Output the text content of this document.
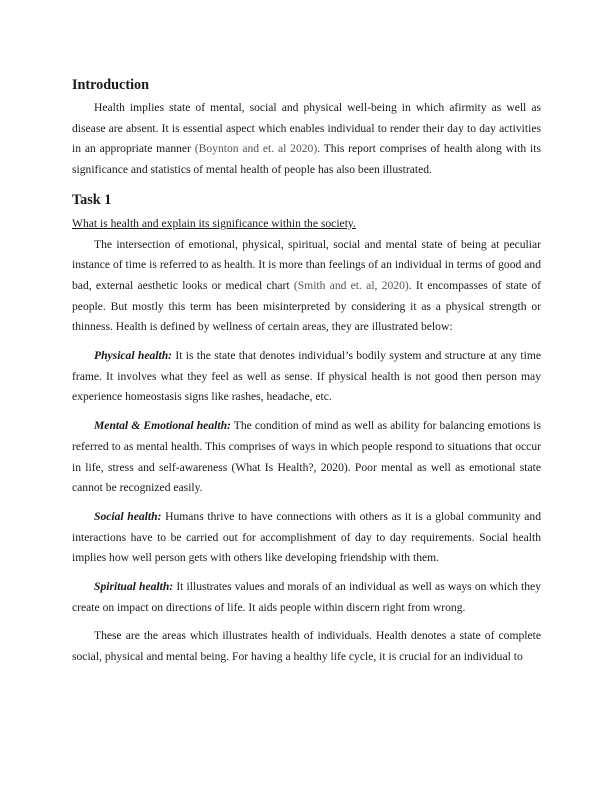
Introduction

Health implies state of mental, social and physical well-being in which afirmity as well as disease are absent. It is essential aspect which enables individual to render their day to day activities in an appropriate manner (Boynton and et. al 2020). This report comprises of health along with its significance and statistics of mental health of people has also been illustrated.

Task 1

What is health and explain its significance within the society.

The intersection of emotional, physical, spiritual, social and mental state of being at peculiar instance of time is referred to as health. It is more than feelings of an individual in terms of good and bad, external aesthetic looks or medical chart (Smith and et. al, 2020). It encompasses of state of people. But mostly this term has been misinterpreted by considering it as a physical strength or thinness. Health is defined by wellness of certain areas, they are illustrated below:

Physical health: It is the state that denotes individual’s bodily system and structure at any time frame. It involves what they feel as well as sense. If physical health is not good then person may experience homeostasis signs like rashes, headache, etc.

Mental & Emotional health: The condition of mind as well as ability for balancing emotions is referred to as mental health. This comprises of ways in which people respond to situations that occur in life, stress and self-awareness (What Is Health?, 2020). Poor mental as well as emotional state cannot be recognized easily.

Social health: Humans thrive to have connections with others as it is a global community and interactions have to be carried out for accomplishment of day to day requirements. Social health implies how well person gets with others like developing friendship with them.

Spiritual health: It illustrates values and morals of an individual as well as ways on which they create on impact on directions of life. It aids people within discern right from wrong.

These are the areas which illustrates health of individuals. Health denotes a state of complete social, physical and mental being. For having a healthy life cycle, it is crucial for an individual to
